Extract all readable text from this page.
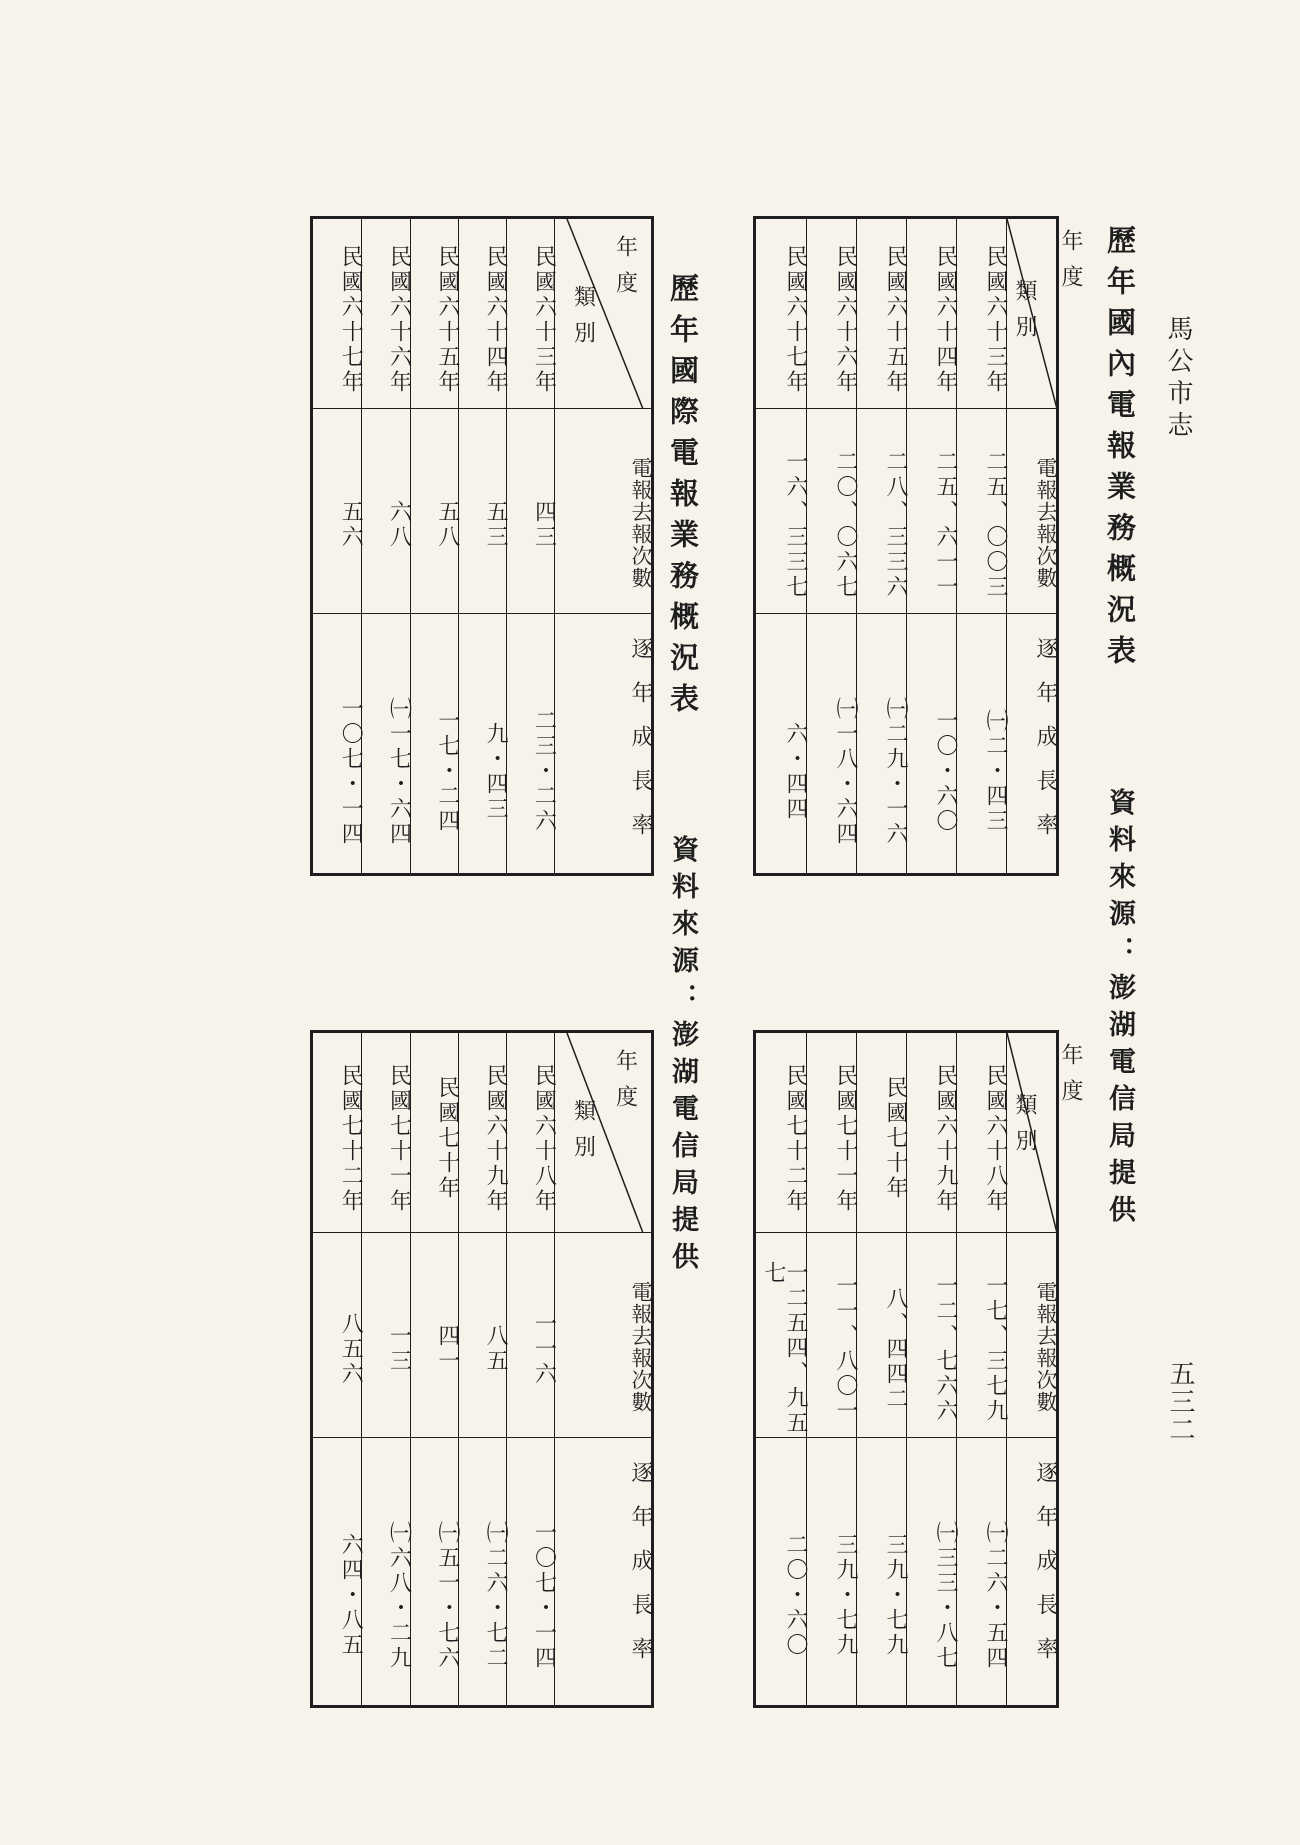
馬公市志
五三二
歷年國內電報業務概況表
資料來源：澎湖電信局提供
歷年國際電報業務概況表
資料來源：澎湖電信局提供
年度
類別
電報去報次數
逐年成長率
民國六十三年
二五、〇〇三
㈠二・四三
民國六十四年
二五、六一一
一〇・六〇
民國六十五年
二八、三三六
㈠二九・一六
民國六十六年
二〇、〇六七
㈠一八・六四
民國六十七年
一六、三三七
六・四四
年度
類別
電報去報次數
逐年成長率
民國六十八年
一七、三七九
㈠二六・五四
民國六十九年
一二、七六六
㈠三三・八七
民國七十年
八、四四二
三九・七九
民國七十一年
一一、八〇一
三九・七九
民國七十二年
一二五四、九五七
二〇・六〇
年度
類別
電報去報次數
逐年成長率
民國六十三年
四三
二三・二六
民國六十四年
五三
九・四三
民國六十五年
五八
一七・二四
民國六十六年
六八
㈠一七・六四
民國六十七年
五六
一〇七・一四
年度
類別
電報去報次數
逐年成長率
民國六十八年
一一六
一〇七・一四
民國六十九年
八五
㈠二六・七二
民國七十年
四一
㈠五一・七六
民國七十一年
一三
㈠六八・二九
民國七十二年
八五六
六四・八五
